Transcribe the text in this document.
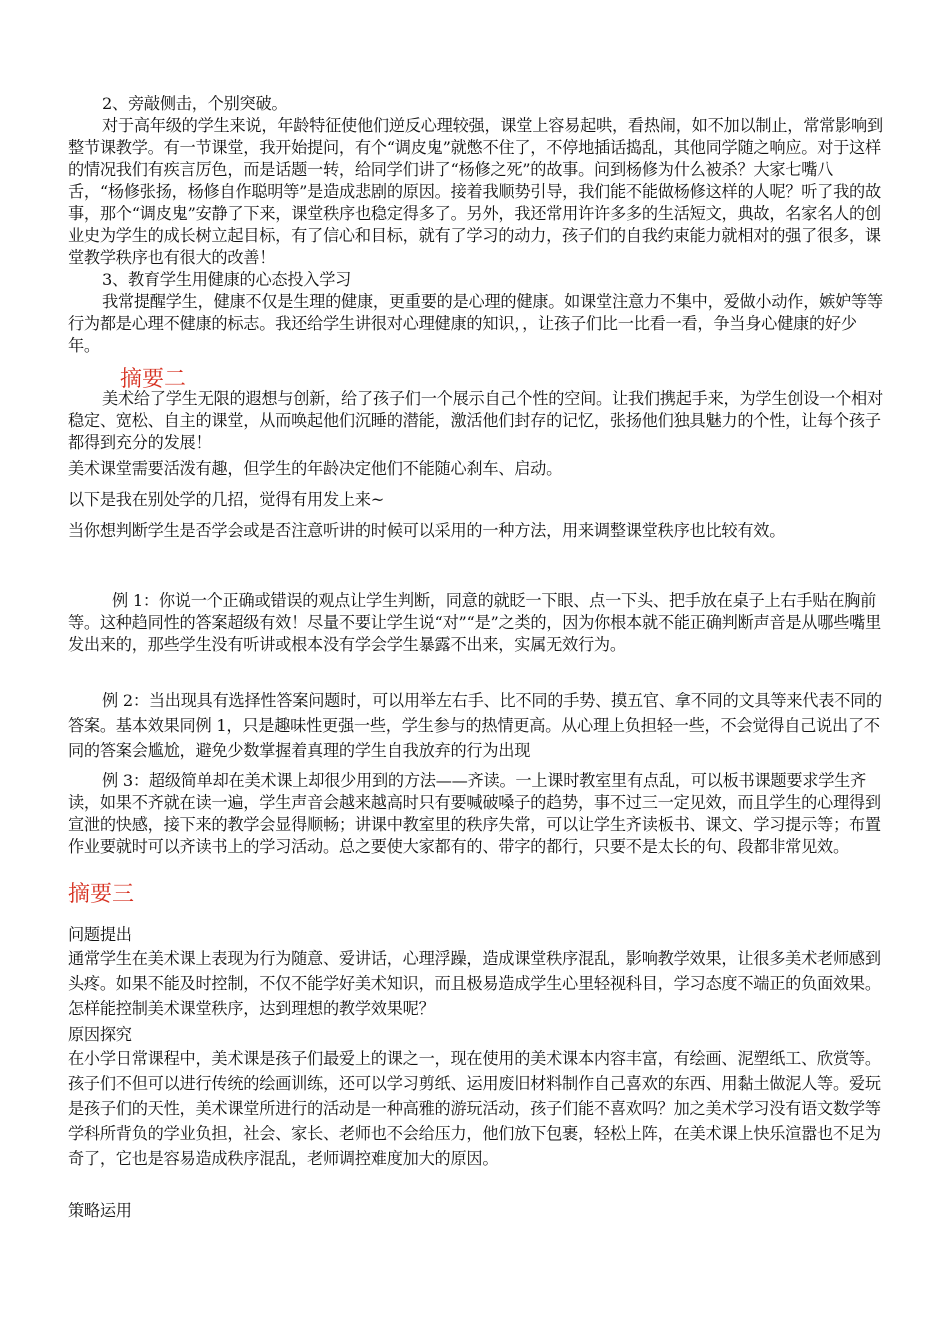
2、旁敲侧击，个别突破。

对于高年级的学生来说，年龄特征使他们逆反心理较强，课堂上容易起哄，看热闹，如不加以制止，常常影响到整节课教学。有一节课堂，我开始提问，有个“调皮鬼”就憋不住了，不停地插话捣乱，其他同学随之响应。对于这样的情况我们有疾言厉色，而是话题一转，给同学们讲了“杨修之死”的故事。问到杨修为什么被杀？大家七嘴八舌，“杨修张扬，杨修自作聪明等”是造成悲剧的原因。接着我顺势引导，我们能不能做杨修这样的人呢？听了我的故事，那个“调皮鬼”安静了下来，课堂秩序也稳定得多了。另外，我还常用许许多多的生活短文，典故，名家名人的创业史为学生的成长树立起目标，有了信心和目标，就有了学习的动力，孩子们的自我约束能力就相对的强了很多，课堂教学秩序也有很大的改善！

3、教育学生用健康的心态投入学习

我常提醒学生，健康不仅是生理的健康，更重要的是心理的健康。如课堂注意力不集中，爱做小动作，嫉妒等等行为都是心理不健康的标志。我还给学生讲很对心理健康的知识，，让孩子们比一比看一看，争当身心健康的好少年。

摘要二

美术给了学生无限的遐想与创新，给了孩子们一个展示自己个性的空间。让我们携起手来，为学生创设一个相对稳定、宽松、自主的课堂，从而唤起他们沉睡的潜能，激活他们封存的记忆，张扬他们独具魅力的个性，让每个孩子都得到充分的发展！

美术课堂需要活泼有趣，但学生的年龄决定他们不能随心刹车、启动。

以下是我在别处学的几招，觉得有用发上来~

当你想判断学生是否学会或是否注意听讲的时候可以采用的一种方法，用来调整课堂秩序也比较有效。

例 1：你说一个正确或错误的观点让学生判断，同意的就眨一下眼、点一下头、把手放在桌子上右手贴在胸前等。这种趋同性的答案超级有效！尽量不要让学生说“对”“是”之类的，因为你根本就不能正确判断声音是从哪些嘴里发出来的，那些学生没有听讲或根本没有学会学生暴露不出来，实属无效行为。

例 2：当出现具有选择性答案问题时，可以用举左右手、比不同的手势、摸五官、拿不同的文具等来代表不同的答案。基本效果同例 1，只是趣味性更强一些，学生参与的热情更高。从心理上负担轻一些，不会觉得自己说出了不同的答案会尴尬，避免少数掌握着真理的学生自我放弃的行为出现

例 3：超级简单却在美术课上却很少用到的方法——齐读。一上课时教室里有点乱，可以板书课题要求学生齐读，如果不齐就在读一遍，学生声音会越来越高时只有要喊破嗓子的趋势，事不过三一定见效，而且学生的心理得到宣泄的快感，接下来的教学会显得顺畅；讲课中教室里的秩序失常，可以让学生齐读板书、课文、学习提示等；布置作业要就时可以齐读书上的学习活动。总之要使大家都有的、带字的都行，只要不是太长的句、段都非常见效。

摘要三

问题提出

通常学生在美术课上表现为行为随意、爱讲话，心理浮躁，造成课堂秩序混乱，影响教学效果，让很多美术老师感到头疼。如果不能及时控制，不仅不能学好美术知识，而且极易造成学生心里轻视科目，学习态度不端正的负面效果。怎样能控制美术课堂秩序，达到理想的教学效果呢？

原因探究

在小学日常课程中，美术课是孩子们最爱上的课之一，现在使用的美术课本内容丰富，有绘画、泥塑纸工、欣赏等。孩子们不但可以进行传统的绘画训练，还可以学习剪纸、运用废旧材料制作自己喜欢的东西、用黏土做泥人等。爱玩是孩子们的天性，美术课堂所进行的活动是一种高雅的游玩活动，孩子们能不喜欢吗？加之美术学习没有语文数学等学科所背负的学业负担，社会、家长、老师也不会给压力，他们放下包裹，轻松上阵，在美术课上快乐渲嚣也不足为奇了，它也是容易造成秩序混乱，老师调控难度加大的原因。

策略运用
